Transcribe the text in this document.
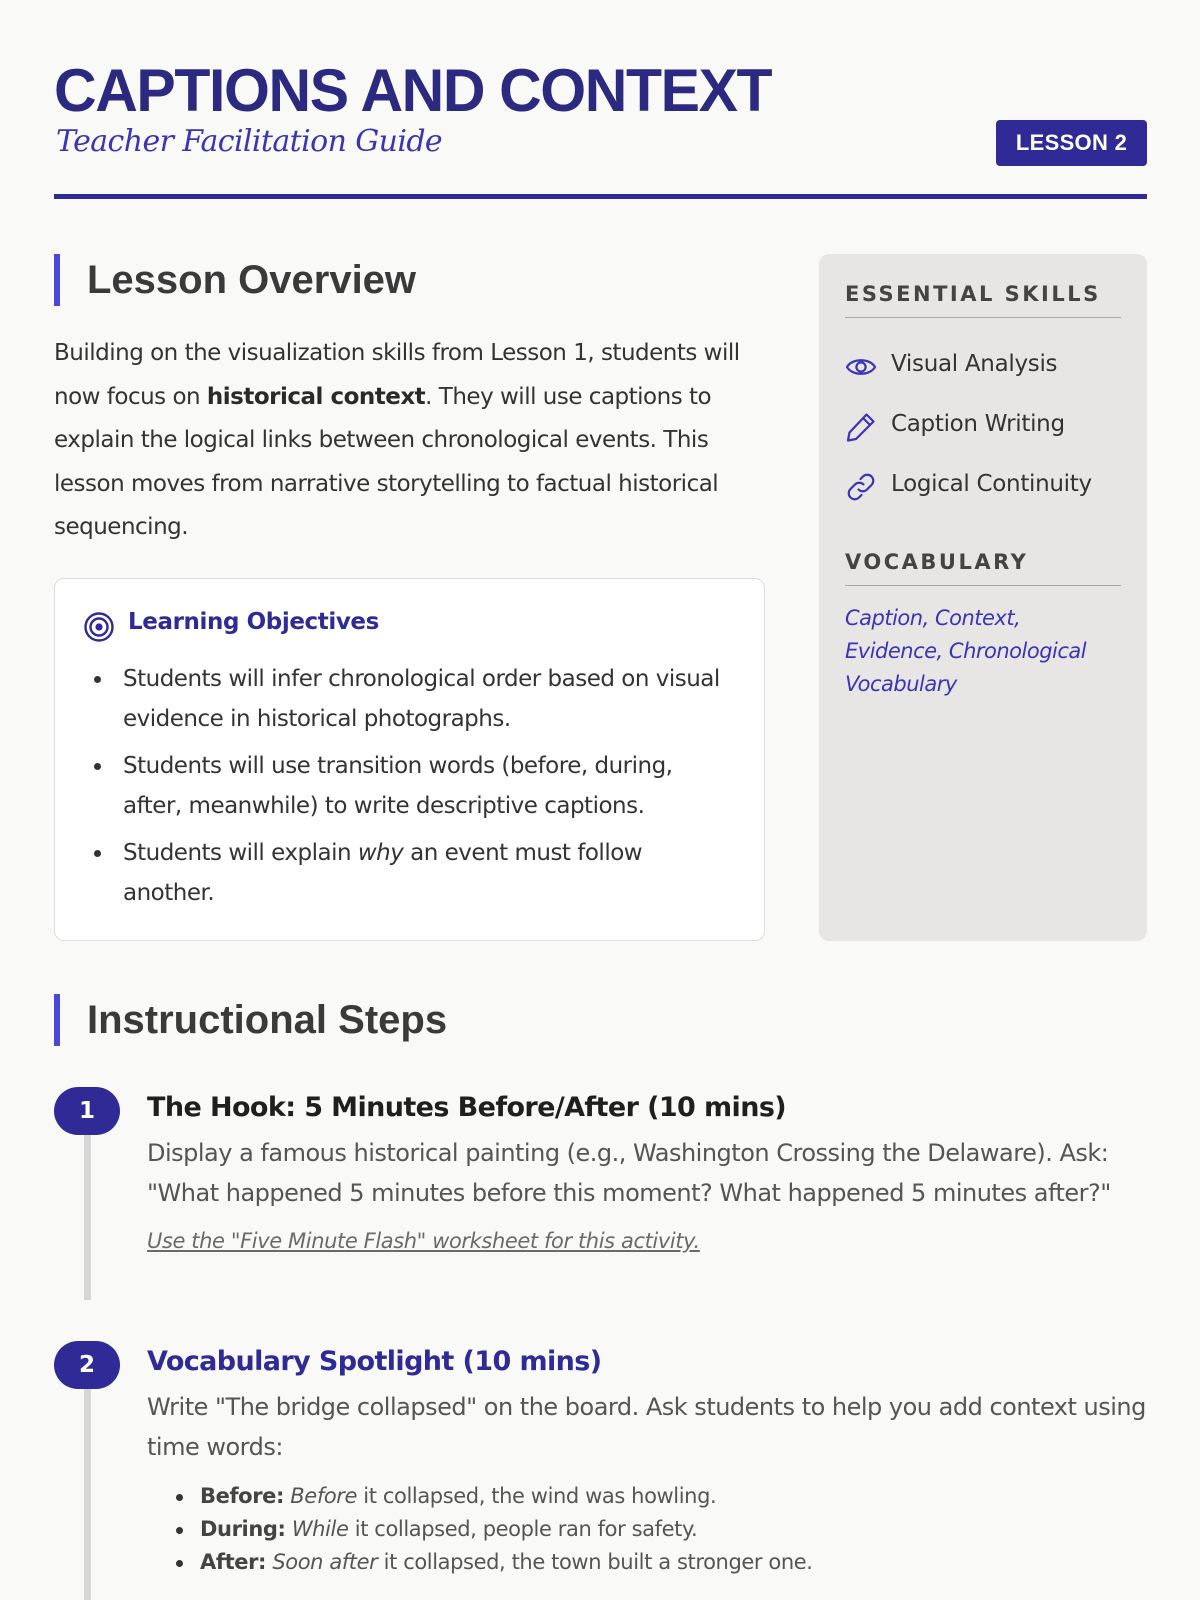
CAPTIONS AND CONTEXT
Teacher Facilitation Guide	LESSON 2
Lesson Overview

Building on the visualization skills from Lesson 1, students will now focus on historical context. They will use captions to explain the logical links between chronological events. This lesson moves from narrative storytelling to factual historical sequencing.

Learning Objectives
Students will infer chronological order based on visual evidence in historical photographs.
Students will use transition words (before, during, after, meanwhile) to write descriptive captions.
Students will explain why an event must follow another.
ESSENTIAL SKILLS
Visual Analysis
Caption Writing
Logical Continuity
VOCABULARY
Caption, Context, Evidence, Chronological Vocabulary
Instructional Steps
1	The Hook: 5 Minutes Before/After (10 mins)
Display a famous historical painting (e.g., Washington Crossing the Delaware). Ask: "What happened 5 minutes before this moment? What happened 5 minutes after?"
Use the "Five Minute Flash" worksheet for this activity.
2	Vocabulary Spotlight (10 mins)
Write "The bridge collapsed" on the board. Ask students to help you add context using time words:
Before: Before it collapsed, the wind was howling.
During: While it collapsed, people ran for safety.
After: Soon after it collapsed, the town built a stronger one.
